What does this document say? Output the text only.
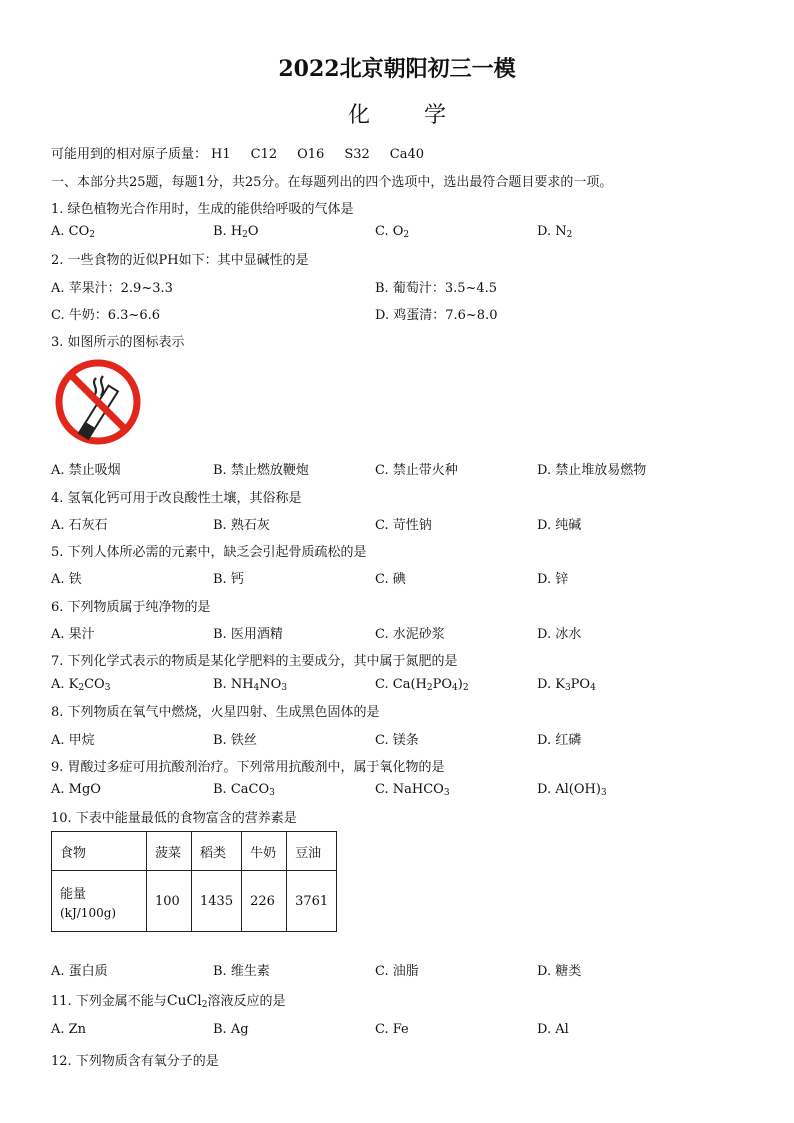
2022北京朝阳初三一模
化 学
可能用到的相对原子质量： H1 C12 O16 S32 Ca40
一、本部分共25题，每题1分，共25分。在每题列出的四个选项中，选出最符合题目要求的一项。
1. 绿色植物光合作用时，生成的能供给呼吸的气体是
A. $CO_2$	B. $H_2O$	C. $O_2$	D. $N_2$
2. 一些食物的近似PH如下：其中显碱性的是
A. 苹果汁：2.9~3.3	B. 葡萄汁：3.5~4.5
C. 牛奶：6.3~6.6	D. 鸡蛋清：7.6~8.0
3. 如图所示的图标表示
A. 禁止吸烟	B. 禁止燃放鞭炮	C. 禁止带火种	D. 禁止堆放易燃物
4. 氢氧化钙可用于改良酸性土壤，其俗称是
A. 石灰石	B. 熟石灰	C. 苛性钠	D. 纯碱
5. 下列人体所必需的元素中，缺乏会引起骨质疏松的是
A. 铁	B. 钙	C. 碘	D. 锌
6. 下列物质属于纯净物的是
A. 果汁	B. 医用酒精	C. 水泥砂浆	D. 冰水
7. 下列化学式表示的物质是某化学肥料的主要成分，其中属于氮肥的是
A. $K_2CO_3$	B. $NH_4NO_3$	C. $Ca(H_2PO_4)_2$	D. $K_3PO_4$
8. 下列物质在氧气中燃烧，火星四射、生成黑色固体的是
A. 甲烷	B. 铁丝	C. 镁条	D. 红磷
9. 胃酸过多症可用抗酸剂治疗。下列常用抗酸剂中，属于氧化物的是
A. MgO	B. CaCO$_3$	C. NaHCO$_3$	D. $Al(OH)_3$
10. 下表中能量最低的食物富含的营养素是
食物	菠菜	稻类	牛奶	豆油
能量
(kJ/100g)	100	1435	226	3761
A. 蛋白质	B. 维生素	C. 油脂	D. 糖类
11. 下列金属不能与CuCl$_2$溶液反应的是
A. Zn	B. Ag	C. Fe	D. Al
12. 下列物质含有氧分子的是
